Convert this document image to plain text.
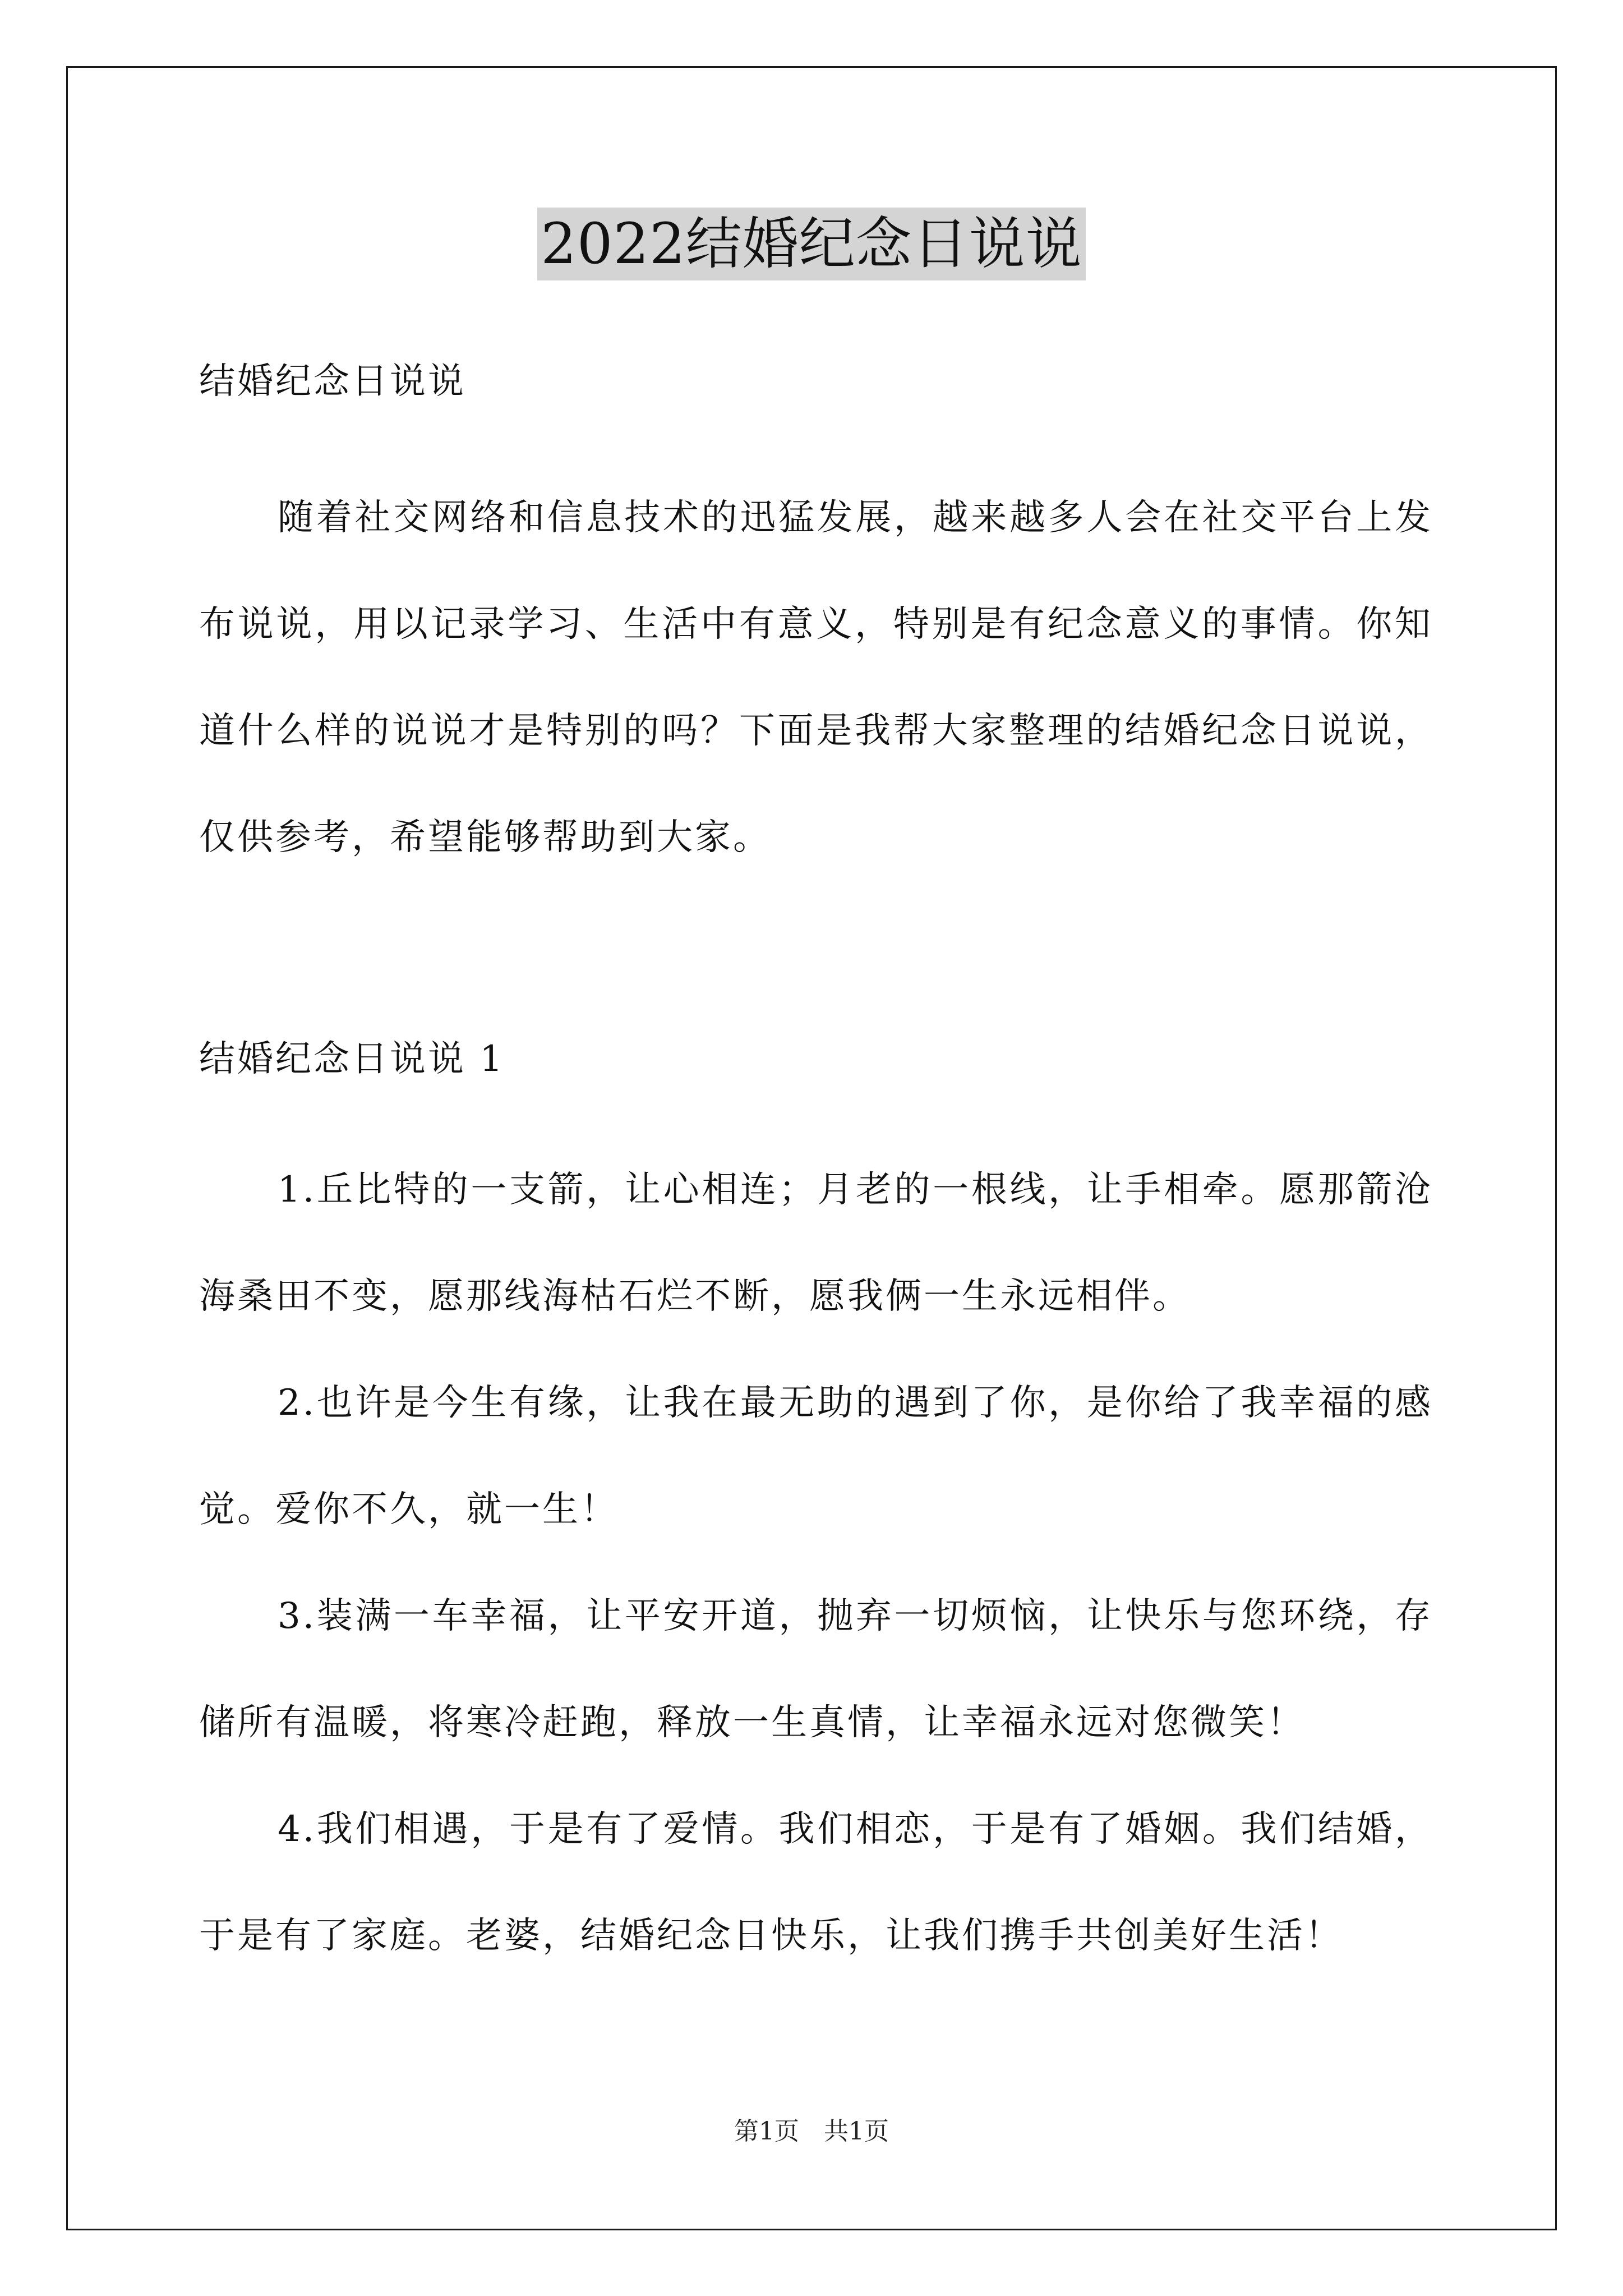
2022结婚纪念日说说

结婚纪念日说说

随着社交网络和信息技术的迅猛发展，越来越多人会在社交平台上发布说说，用以记录学习、生活中有意义，特别是有纪念意义的事情。你知道什么样的说说才是特别的吗？下面是我帮大家整理的结婚纪念日说说，仅供参考，希望能够帮助到大家。

结婚纪念日说说 1

1.丘比特的一支箭，让心相连；月老的一根线，让手相牵。愿那箭沧海桑田不变，愿那线海枯石烂不断，愿我俩一生永远相伴。

2.也许是今生有缘，让我在最无助的遇到了你，是你给了我幸福的感觉。爱你不久，就一生！

3.装满一车幸福，让平安开道，抛弃一切烦恼，让快乐与您环绕，存储所有温暖，将寒冷赶跑，释放一生真情，让幸福永远对您微笑！

4.我们相遇，于是有了爱情。我们相恋，于是有了婚姻。我们结婚，于是有了家庭。老婆，结婚纪念日快乐，让我们携手共创美好生活！

第1页　共1页
